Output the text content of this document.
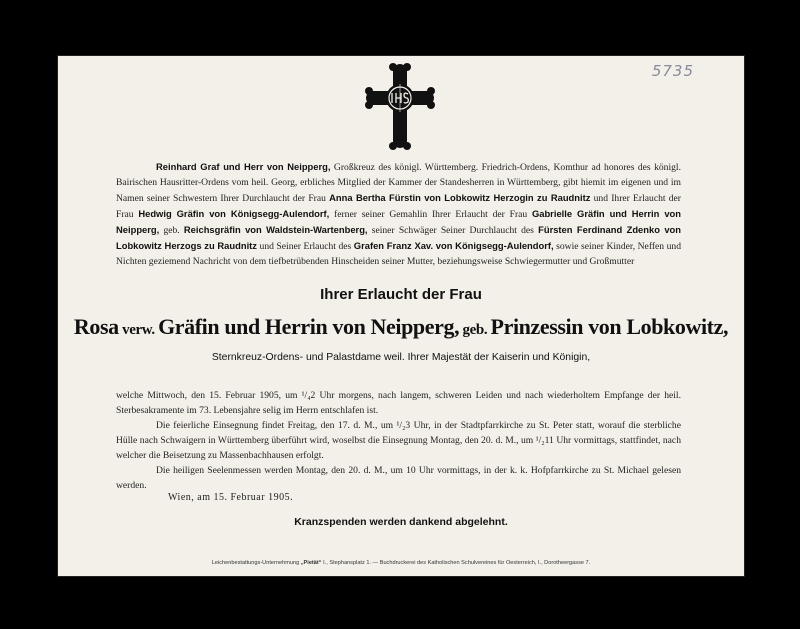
5735

Reinhard Graf und Herr von Neipperg, Großkreuz des königl. Württemberg. Friedrich-Ordens, Komthur ad honores des königl. Bairischen Hausritter-Ordens vom heil. Georg, erbliches Mitglied der Kammer der Standesherren in Württemberg, gibt hiemit im eigenen und im Namen seiner Schwestern Ihrer Durchlaucht der Frau Anna Bertha Fürstin von Lobkowitz Herzogin zu Raudnitz und Ihrer Erlaucht der Frau Hedwig Gräfin von Königsegg-Aulendorf, ferner seiner Gemahlin Ihrer Erlaucht der Frau Gabrielle Gräfin und Herrin von Neipperg, geb. Reichsgräfin von Waldstein-Wartenberg, seiner Schwäger Seiner Durchlaucht des Fürsten Ferdinand Zdenko von Lobkowitz Herzogs zu Raudnitz und Seiner Erlaucht des Grafen Franz Xav. von Königsegg-Aulendorf, sowie seiner Kinder, Neffen und Nichten geziemend Nachricht von dem tiefbetrübenden Hinscheiden seiner Mutter, beziehungsweise Schwiegermutter und Großmutter

Ihrer Erlaucht der Frau
Rosa verw. Gräfin und Herrin von Neipperg, geb. Prinzessin von Lobkowitz,
Sternkreuz-Ordens- und Palastdame weil. Ihrer Majestät der Kaiserin und Königin,

welche Mittwoch, den 15. Februar 1905, um ¹/₄2 Uhr morgens, nach langem, schweren Leiden und nach wiederholtem Empfange der heil. Sterbesakramente im 73. Lebensjahre selig im Herrn entschlafen ist.

Die feierliche Einsegnung findet Freitag, den 17. d. M., um ¹/₂3 Uhr, in der Stadtpfarrkirche zu St. Peter statt, worauf die sterbliche Hülle nach Schwaigern in Württemberg überführt wird, woselbst die Einsegnung Montag, den 20. d. M., um ¹/₂11 Uhr vormittags, stattfindet, nach welcher die Beisetzung zu Massenbachhausen erfolgt.

Die heiligen Seelenmessen werden Montag, den 20. d. M., um 10 Uhr vormittags, in der k. k. Hofpfarrkirche zu St. Michael gelesen werden.

Wien, am 15. Februar 1905.
Kranzspenden werden dankend abgelehnt.
Leichenbestattungs-Unternehmung „Pietät“ I., Stephansplatz 1. — Buchdruckerei des Katholischen Schulvereines für Oesterreich, I., Dorotheergasse 7.
